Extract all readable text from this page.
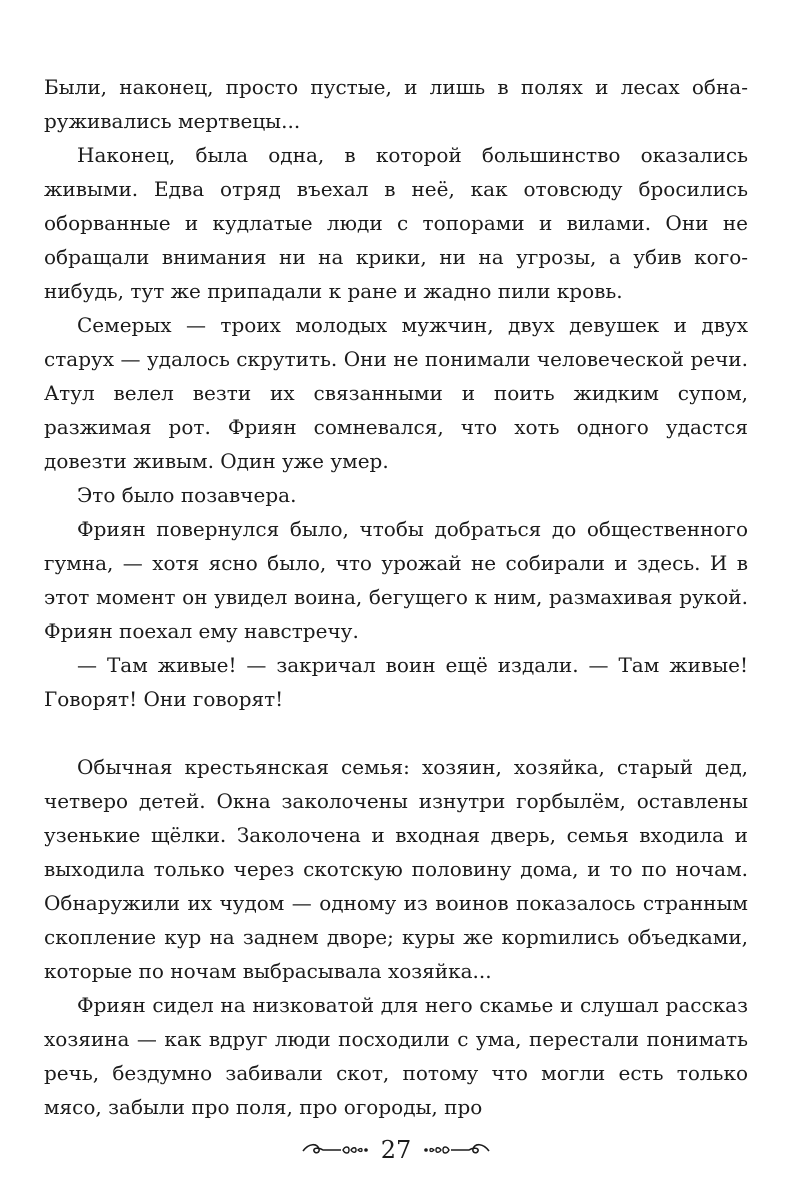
Были, наконец, просто пустые, и лишь в полях и лесах обнаруживались мертвецы...

Наконец, была одна, в которой большинство оказались живыми. Едва отряд въехал в неё, как отовсюду бросились оборванные и кудлатые люди с топорами и вилами. Они не обращали внимания ни на крики, ни на угрозы, а убив кого-нибудь, тут же припадали к ране и жадно пили кровь.

Семерых — троих молодых мужчин, двух девушек и двух старух — удалось скрутить. Они не понимали человеческой речи. Атул велел везти их связанными и поить жидким супом, разжимая рот. Фриян сомневался, что хоть одного удастся довезти живым. Один уже умер.

Это было позавчера.

Фриян повернулся было, чтобы добраться до общественного гумна, — хотя ясно было, что урожай не собирали и здесь. И в этот момент он увидел воина, бегущего к ним, размахивая рукой. Фриян поехал ему навстречу.

— Там живые! — закричал воин ещё издали. — Там живые! Говорят! Они говорят!

Обычная крестьянская семья: хозяин, хозяйка, старый дед, четверо детей. Окна заколочены изнутри горбылём, оставлены узенькие щёлки. Заколочена и входная дверь, семья входила и выходила только через скотскую половину дома, и то по ночам. Обнаружили их чудом — одному из воинов показалось странным скопление кур на заднем дворе; куры же корmились объедками, которые по ночам выбрасывала хозяйка...

Фриян сидел на низковатой для него скамье и слушал рассказ хозяина — как вдруг люди посходили с ума, перестали понимать речь, бездумно забивали скот, потому что могли есть только мясо, забыли про поля, про огороды, про

27
